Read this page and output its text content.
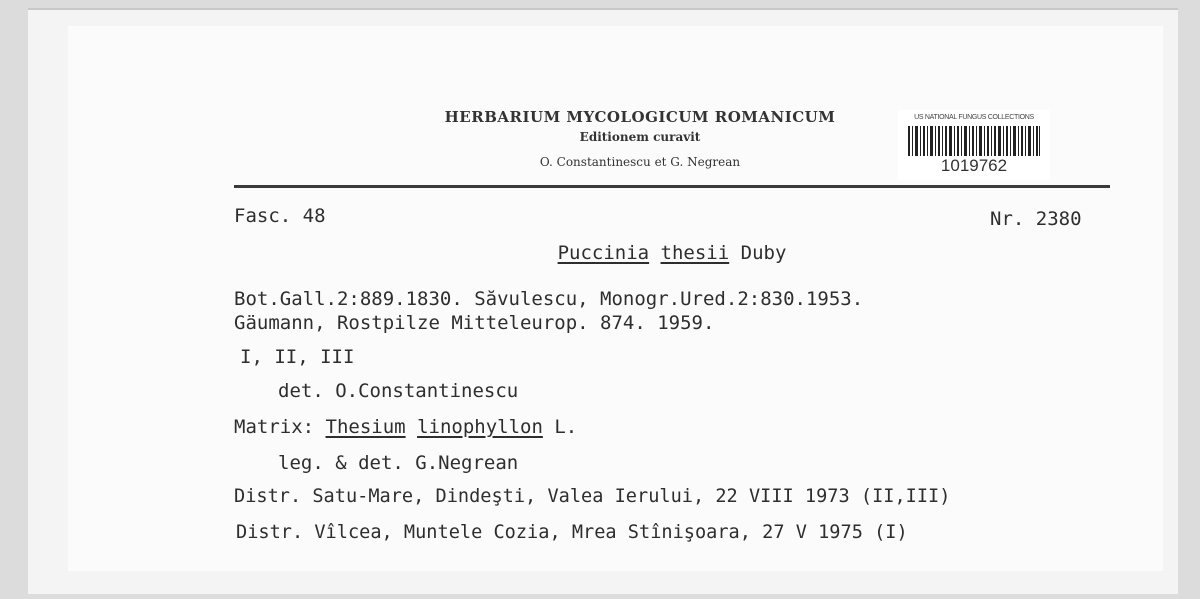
HERBARIUM MYCOLOGICUM ROMANICUM
Editionem curavit
O. Constantinescu et G. Negrean
US NATIONAL FUNGUS COLLECTIONS
1019762
Fasc. 48	Nr. 2380
Puccinia thesii Duby
Bot.Gall.2:889.1830. Săvulescu, Monogr.Ured.2:830.1953.
Gäumann, Rostpilze Mitteleurop. 874. 1959.
I, II, III
det. O.Constantinescu
Matrix: Thesium linophyllon L.
leg. & det. G.Negrean
Distr. Satu-Mare, Dindeşti, Valea Ierului, 22 VIII 1973 (II,III)
Distr. Vîlcea, Muntele Cozia, Mrea Stînişoara, 27 V 1975 (I)
